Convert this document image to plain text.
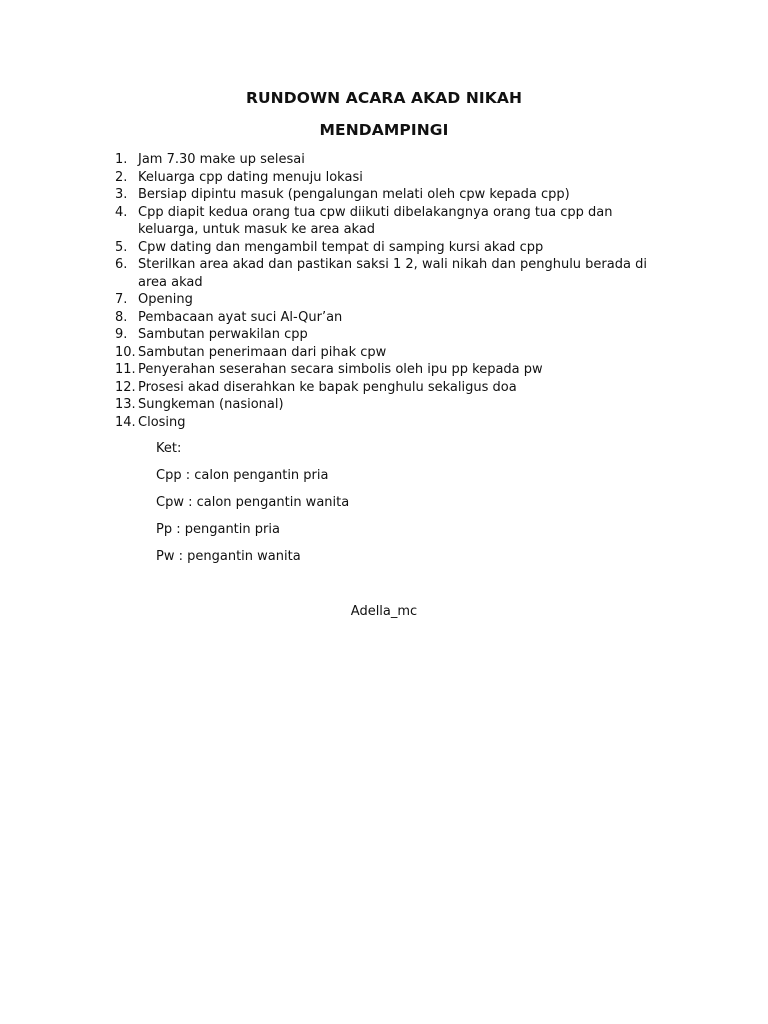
RUNDOWN ACARA AKAD NIKAH
MENDAMPINGI
1. Jam 7.30 make up selesai
2. Keluarga cpp dating menuju lokasi
3. Bersiap dipintu masuk (pengalungan melati oleh cpw kepada cpp)
4. Cpp diapit kedua orang tua cpw diikuti dibelakangnya orang tua cpp dan keluarga, untuk masuk ke area akad
5. Cpw dating dan mengambil tempat di samping kursi akad cpp
6. Sterilkan area akad dan pastikan saksi 1 2, wali nikah dan penghulu berada di area akad
7. Opening
8. Pembacaan ayat suci Al-Qur’an
9. Sambutan perwakilan cpp
10. Sambutan penerimaan dari pihak cpw
11. Penyerahan seserahan secara simbolis oleh ipu pp kepada pw
12. Prosesi akad diserahkan ke bapak penghulu sekaligus doa
13. Sungkeman (nasional)
14. Closing
Ket:
Cpp : calon pengantin pria
Cpw : calon pengantin wanita
Pp : pengantin pria
Pw : pengantin wanita
Adella_mc
